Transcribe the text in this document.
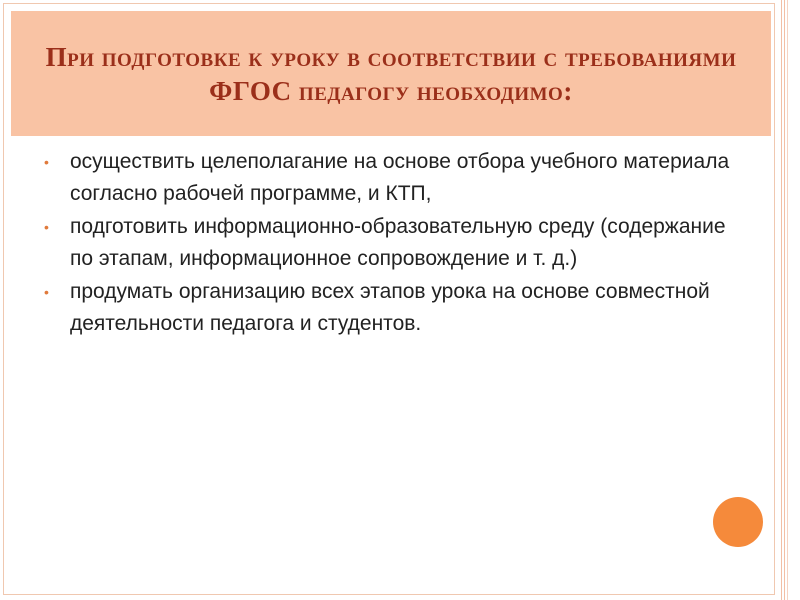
При подготовке к уроку в соответствии с требованиями ФГОС педагогу необходимо:
•	осуществить целеполагание на основе отбора учебного материала согласно рабочей программе, и КТП,
•	подготовить информационно-образовательную среду (содержание по этапам, информационное сопровождение и т. д.)
•	продумать организацию всех этапов урока на основе совместной деятельности педагога и студентов.
